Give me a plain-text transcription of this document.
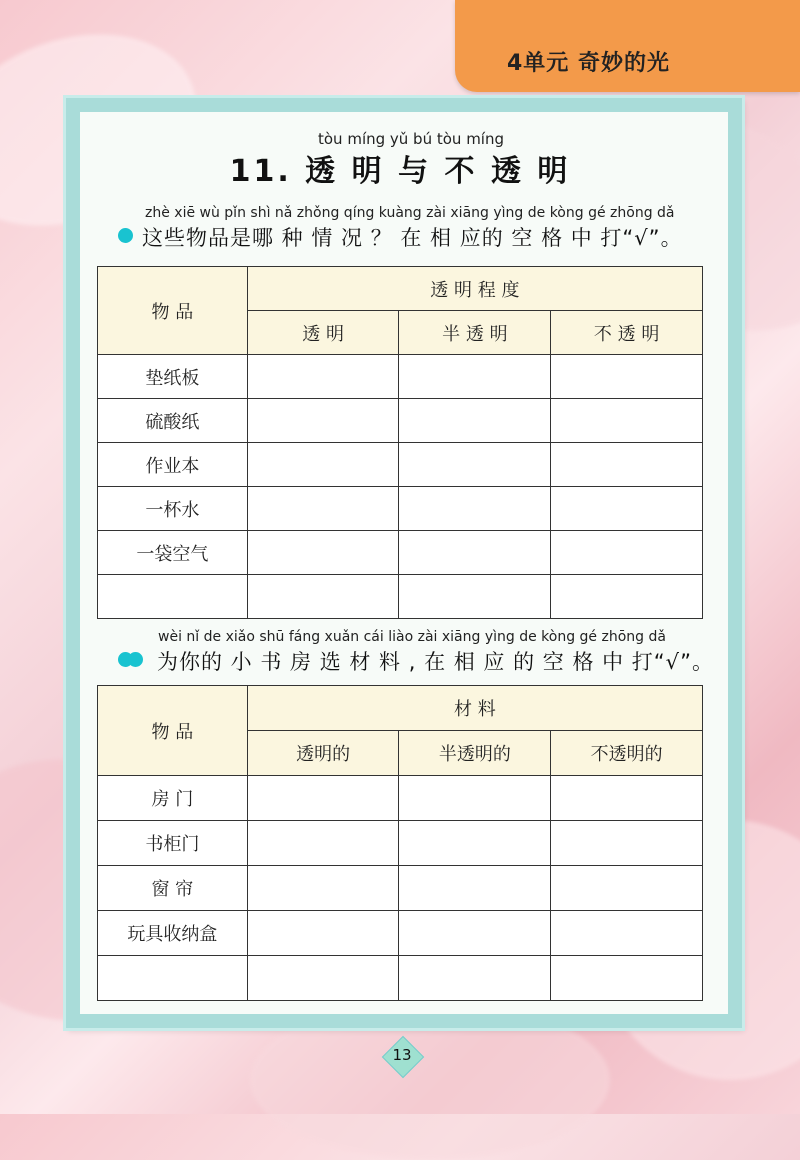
4单元 奇妙的光
tòu míng yǔ bú tòu míng
11. 透 明 与 不 透 明
zhè xiē wù pǐn shì nǎ zhǒng qíng kuàng zài xiāng yìng de kòng gé zhōng dǎ
这些物品是哪 种 情 况 ？ 在 相 应的 空 格 中 打“√”。
物 品	透 明 程 度		
	透 明	半 透 明	不 透 明
垫纸板			
硫酸纸			
作业本			
一杯水			
一袋空气			

wèi nǐ de xiǎo shū fáng xuǎn cái liào zài xiāng yìng de kòng gé zhōng dǎ
为你的 小 书 房 选 材 料 , 在 相 应 的 空 格 中 打“√”。
物 品	材 料		
	透明的	半透明的	不透明的
房 门			
书柜门			
窗 帘			
玩具收纳盒			

13
